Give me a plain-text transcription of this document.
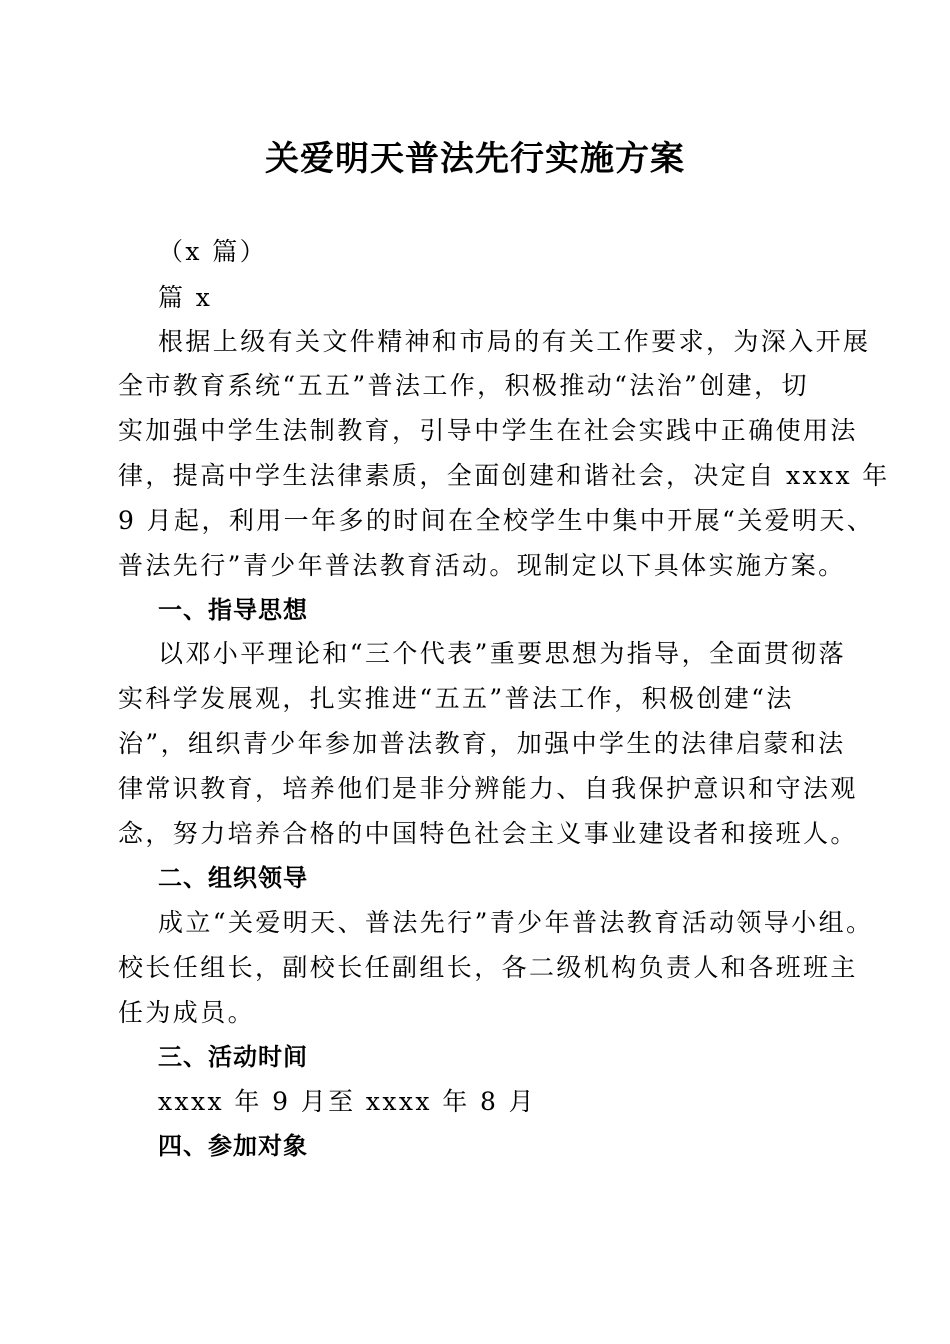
关爱明天普法先行实施方案
（x 篇）
篇 x
根据上级有关文件精神和市局的有关工作要求，为深入开展
全市教育系统“五五”普法工作，积极推动“法治”创建，切
实加强中学生法制教育，引导中学生在社会实践中正确使用法
律，提高中学生法律素质，全面创建和谐社会，决定自 xxxx 年
9 月起，利用一年多的时间在全校学生中集中开展“关爱明天、
普法先行”青少年普法教育活动。现制定以下具体实施方案。
一、指导思想
以邓小平理论和“三个代表”重要思想为指导，全面贯彻落
实科学发展观，扎实推进“五五”普法工作，积极创建“法
治”，组织青少年参加普法教育，加强中学生的法律启蒙和法
律常识教育，培养他们是非分辨能力、自我保护意识和守法观
念，努力培养合格的中国特色社会主义事业建设者和接班人。
二、组织领导
成立“关爱明天、普法先行”青少年普法教育活动领导小组。
校长任组长，副校长任副组长，各二级机构负责人和各班班主
任为成员。
三、活动时间
xxxx 年 9 月至 xxxx 年 8 月
四、参加对象
